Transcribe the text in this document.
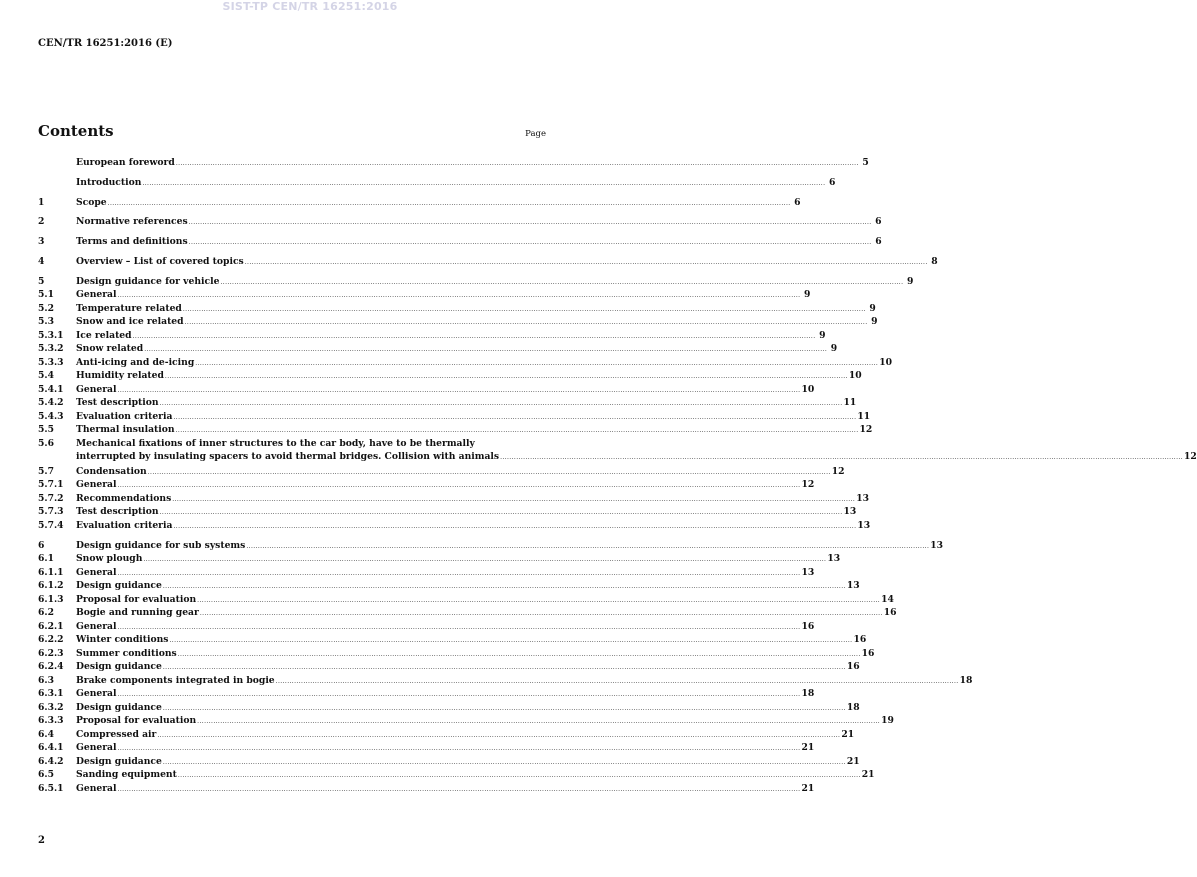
SIST-TP CEN/TR 16251:2016
CEN/TR 16251:2016 (E)
Contents	Page
European foreword .....	5
Introduction .....	6
1	Scope .....	6
2	Normative references .....	6
3	Terms and definitions .....	6
4	Overview – List of covered topics .....	8
5	Design guidance for vehicle .....	9
5.1	General .....	9
5.2	Temperature related .....	9
5.3	Snow and ice related .....	9
5.3.1	Ice related .....	9
5.3.2	Snow related .....	9
5.3.3	Anti-icing and de-icing .....	10
5.4	Humidity related .....	10
5.4.1	General .....	10
5.4.2	Test description .....	11
5.4.3	Evaluation criteria .....	11
5.5	Thermal insulation .....	12
5.6	Mechanical fixations of inner structures to the car body, have to be thermally
interrupted by insulating spacers to avoid thermal bridges. Collision with animals .....	12
5.7	Condensation .....	12
5.7.1	General .....	12
5.7.2	Recommendations .....	13
5.7.3	Test description .....	13
5.7.4	Evaluation criteria .....	13
6	Design guidance for sub systems .....	13
6.1	Snow plough .....	13
6.1.1	General .....	13
6.1.2	Design guidance .....	13
6.1.3	Proposal for evaluation .....	14
6.2	Bogie and running gear .....	16
6.2.1	General .....	16
6.2.2	Winter conditions .....	16
6.2.3	Summer conditions .....	16
6.2.4	Design guidance .....	16
6.3	Brake components integrated in bogie .....	18
6.3.1	General .....	18
6.3.2	Design guidance .....	18
6.3.3	Proposal for evaluation .....	19
6.4	Compressed air .....	21
6.4.1	General .....	21
6.4.2	Design guidance .....	21
6.5	Sanding equipment .....	21
6.5.1	General .....	21
2
